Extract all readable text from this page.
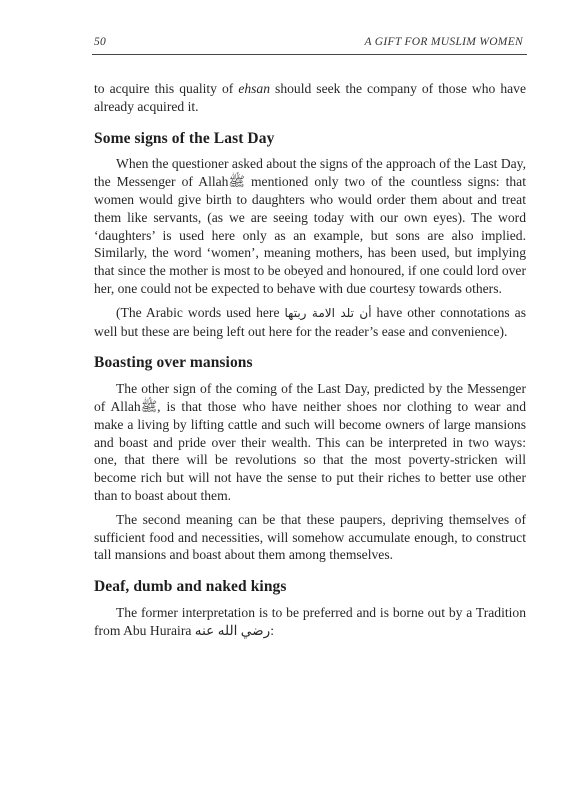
50	A GIFT FOR MUSLIM WOMEN

to acquire this quality of ehsan should seek the company of those who have already acquired it.

Some signs of the Last Day

When the questioner asked about the signs of the approach of the Last Day, the Messenger of Allahﷺ mentioned only two of the countless signs: that women would give birth to daughters who would order them about and treat them like servants, (as we are seeing today with our own eyes). The word ‘daughters’ is used here only as an example, but sons are also implied. Similarly, the word ‘women’, meaning mothers, has been used, but implying that since the mother is most to be obeyed and honoured, if one could lord over her, one could not be expected to behave with due courtesy towards others.

(The Arabic words used here أن تلد الامة ربتها have other connotations as well but these are being left out here for the reader’s ease and convenience).

Boasting over mansions

The other sign of the coming of the Last Day, predicted by the Messenger of Allahﷺ, is that those who have neither shoes nor clothing to wear and make a living by lifting cattle and such will become owners of large mansions and boast and pride over their wealth. This can be interpreted in two ways: one, that there will be revolutions so that the most poverty-stricken will become rich but will not have the sense to put their riches to better use other than to boast about them.

The second meaning can be that these paupers, depriving themselves of sufficient food and necessities, will somehow accumulate enough, to construct tall mansions and boast about them among themselves.

Deaf, dumb and naked kings

The former interpretation is to be preferred and is borne out by a Tradition from Abu Huraira رضي الله عنه:
